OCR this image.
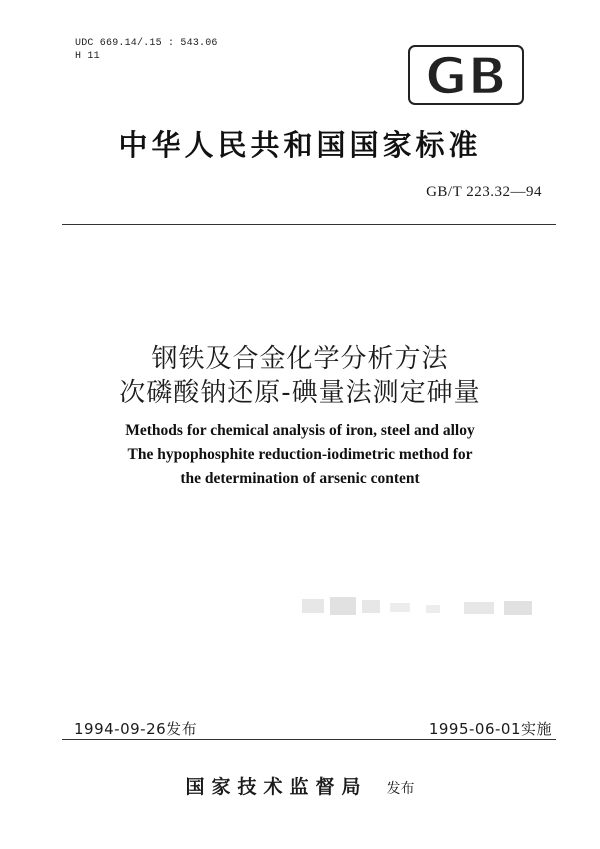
UDC 669.14/.15 : 543.06
H 11	GB
中华人民共和国国家标准
GB/T 223.32—94
钢铁及合金化学分析方法
次磷酸钠还原-碘量法测定砷量
Methods for chemical analysis of iron, steel and alloy
The hypophosphite reduction-iodimetric method for
the determination of arsenic content
1994-09-26发布	1995-06-01实施
国家技术监督局 发布
